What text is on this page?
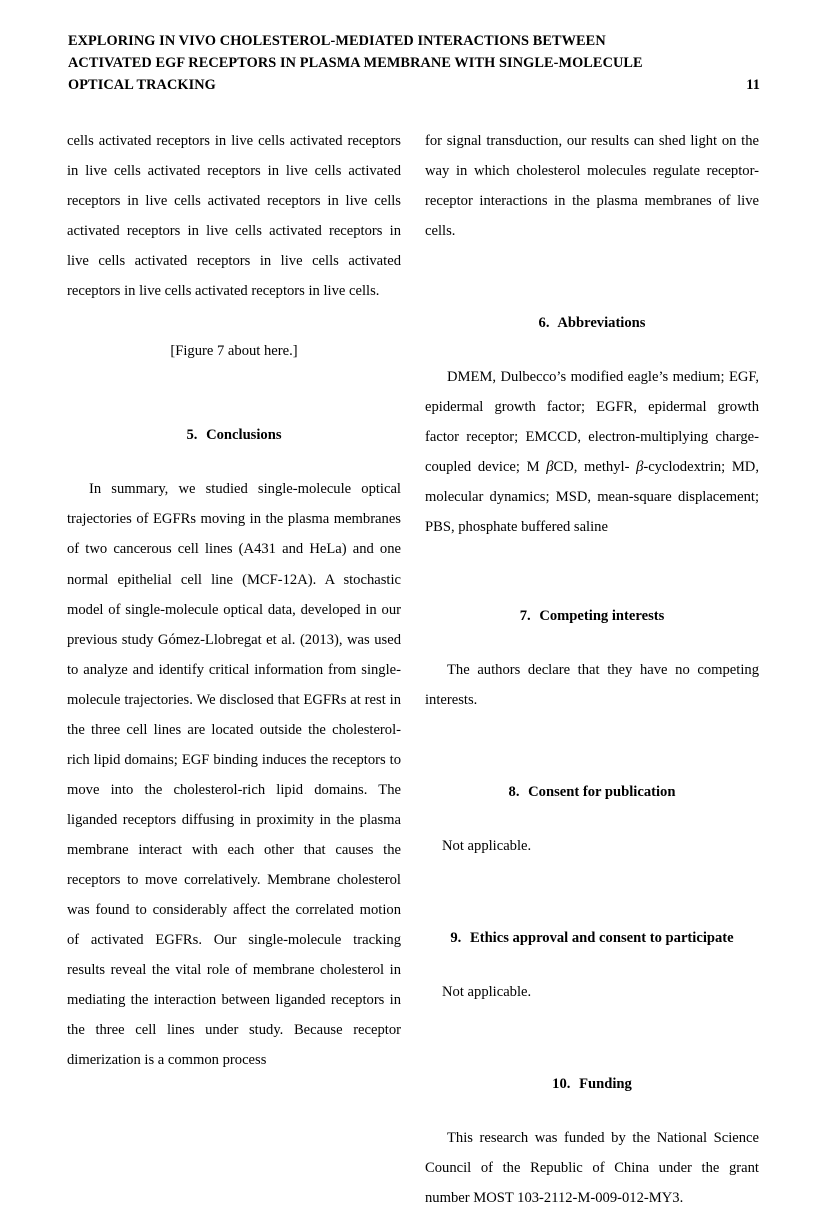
EXPLORING IN VIVO CHOLESTEROL-MEDIATED INTERACTIONS BETWEEN
ACTIVATED EGF RECEPTORS IN PLASMA MEMBRANE WITH SINGLE-MOLECULE
OPTICAL TRACKING	11

cells activated receptors in live cells activated receptors in live cells activated receptors in live cells activated receptors in live cells activated receptors in live cells activated receptors in live cells activated receptors in live cells activated receptors in live cells activated receptors in live cells activated receptors in live cells.

[Figure 7 about here.]
5. Conclusions

In summary, we studied single-molecule optical trajectories of EGFRs moving in the plasma membranes of two cancerous cell lines (A431 and HeLa) and one normal epithelial cell line (MCF-12A). A stochastic model of single-molecule optical data, developed in our previous study Gómez-Llobregat et al. (2013), was used to analyze and identify critical information from single-molecule trajectories. We disclosed that EGFRs at rest in the three cell lines are located outside the cholesterol-rich lipid domains; EGF binding induces the receptors to move into the cholesterol-rich lipid domains. The liganded receptors diffusing in proximity in the plasma membrane interact with each other that causes the receptors to move correlatively. Membrane cholesterol was found to considerably affect the correlated motion of activated EGFRs. Our single-molecule tracking results reveal the vital role of membrane cholesterol in mediating the interaction between liganded receptors in the three cell lines under study. Because receptor dimerization is a common process

for signal transduction, our results can shed light on the way in which cholesterol molecules regulate receptor-receptor interactions in the plasma membranes of live cells.

6. Abbreviations

DMEM, Dulbecco’s modified eagle’s medium; EGF, epidermal growth factor; EGFR, epidermal growth factor receptor; EMCCD, electron-multiplying charge-coupled device; M βCD, methyl- β-cyclodextrin; MD, molecular dynamics; MSD, mean-square displacement; PBS, phosphate buffered saline

7. Competing interests

The authors declare that they have no competing interests.

8. Consent for publication

Not applicable.

9. Ethics approval and consent to participate

Not applicable.

10. Funding

This research was funded by the National Science Council of the Republic of China under the grant number MOST 103-2112-M-009-012-MY3.
